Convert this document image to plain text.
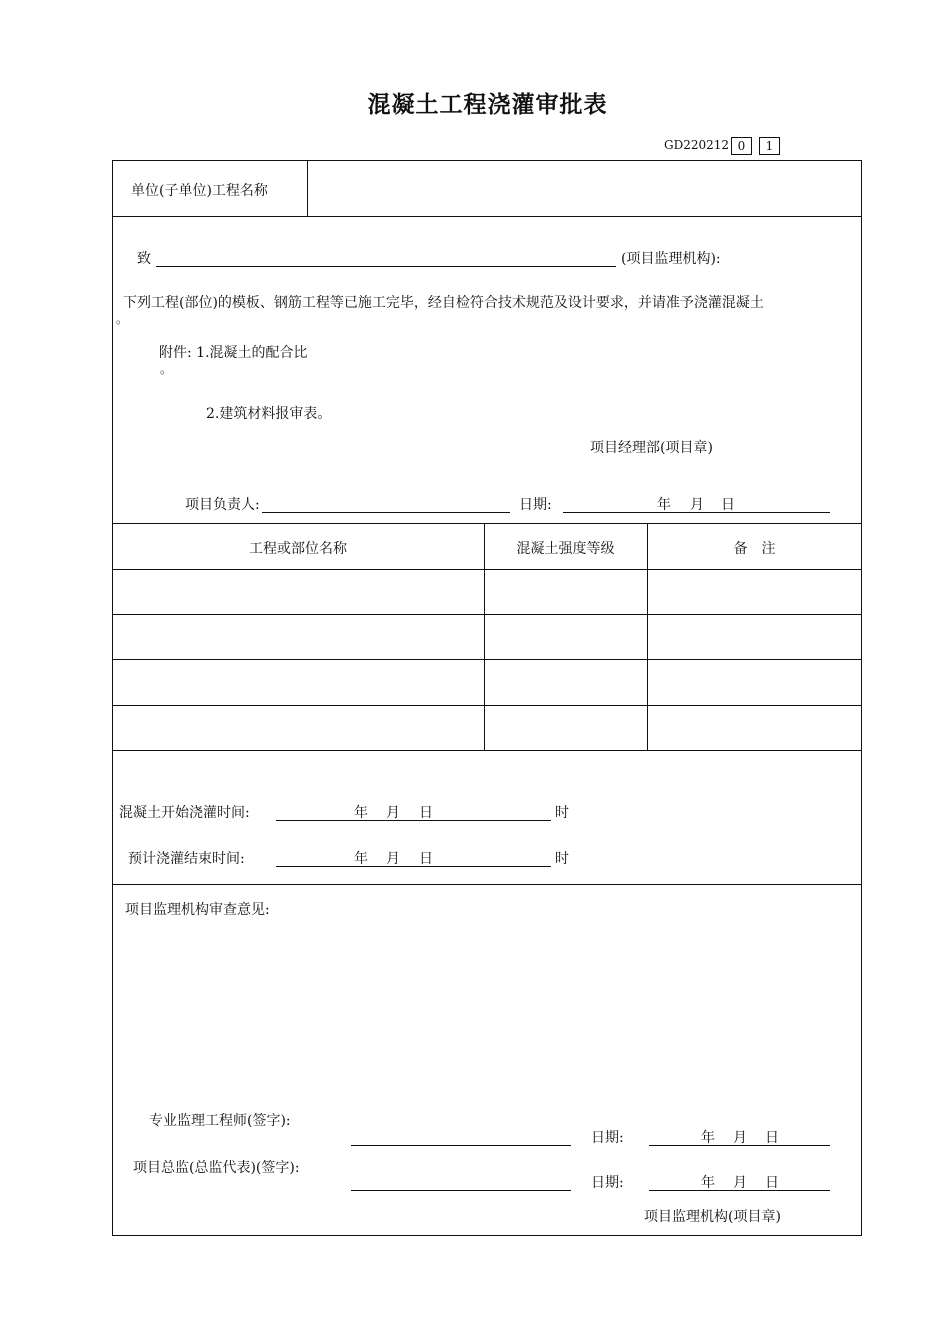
混凝土工程浇灌审批表
GD220212 0	1
单位(子单位)工程名称
致	(项目监理机构):
下列工程(部位)的模板、钢筋工程等已施工完毕，经自检符合技术规范及设计要求，并请准予浇灌混凝土
。
附件: 1.混凝土的配合比
。
2.建筑材料报审表。
项目经理部(项目章)
项目负责人:	日期:	年 月 日
工程或部位名称	混凝土强度等级	备　注
混凝土开始浇灌时间:	年 月 日	时
预计浇灌结束时间:	年 月 日	时
项目监理机构审查意见:
专业监理工程师(签字):
日期:	年 月 日
项目总监(总监代表)(签字):
日期:	年 月 日
项目监理机构(项目章)
